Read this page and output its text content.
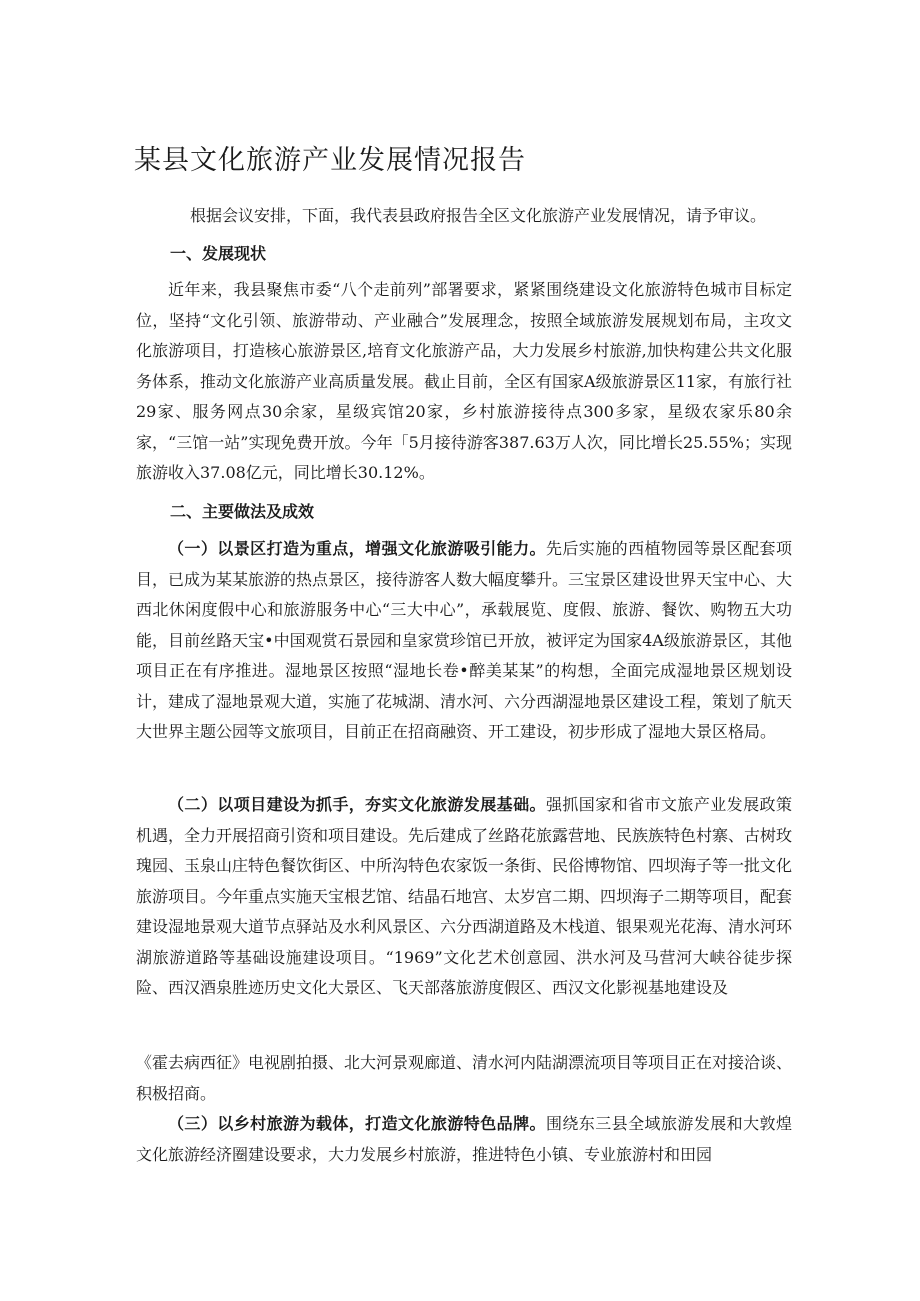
某县文化旅游产业发展情况报告

根据会议安排，下面，我代表县政府报告全区文化旅游产业发展情况，请予审议。

一、发展现状

近年来，我县聚焦市委“八个走前列”部署要求，紧紧围绕建设文化旅游特色城市目标定位，坚持“文化引领、旅游带动、产业融合”发展理念，按照全域旅游发展规划布局，主攻文化旅游项目，打造核心旅游景区,培育文化旅游产品，大力发展乡村旅游,加快构建公共文化服务体系，推动文化旅游产业高质量发展。截止目前，全区有国家A级旅游景区11家，有旅行社29家、服务网点30余家，星级宾馆20家，乡村旅游接待点300多家，星级农家乐80余家，“三馆一站”实现免费开放。今年「5月接待游客387.63万人次，同比增长25.55%；实现旅游收入37.08亿元，同比增长30.12%。

二、主要做法及成效

（一）以景区打造为重点，增强文化旅游吸引能力。先后实施的西植物园等景区配套项目，已成为某某旅游的热点景区，接待游客人数大幅度攀升。三宝景区建设世界天宝中心、大西北休闲度假中心和旅游服务中心“三大中心”，承载展览、度假、旅游、餐饮、购物五大功能，目前丝路天宝•中国观赏石景园和皇家赏珍馆已开放，被评定为国家4A级旅游景区，其他项目正在有序推进。湿地景区按照“湿地长卷•醉美某某”的构想，全面完成湿地景区规划设计，建成了湿地景观大道，实施了花城湖、清水河、六分西湖湿地景区建设工程，策划了航天大世界主题公园等文旅项目，目前正在招商融资、开工建设，初步形成了湿地大景区格局。

（二）以项目建设为抓手，夯实文化旅游发展基础。强抓国家和省市文旅产业发展政策机遇，全力开展招商引资和项目建设。先后建成了丝路花旅露营地、民族族特色村寨、古树玫瑰园、玉泉山庄特色餐饮街区、中所沟特色农家饭一条街、民俗博物馆、四坝海子等一批文化旅游项目。今年重点实施天宝根艺馆、结晶石地宫、太岁宫二期、四坝海子二期等项目，配套建设湿地景观大道节点驿站及水利风景区、六分西湖道路及木栈道、银果观光花海、清水河环湖旅游道路等基础设施建设项目。“1969”文化艺术创意园、洪水河及马营河大峡谷徒步探险、西汉酒泉胜迹历史文化大景区、飞天部落旅游度假区、西汉文化影视基地建设及

《霍去病西征》电视剧拍摄、北大河景观廊道、清水河内陆湖漂流项目等项目正在对接洽谈、积极招商。

（三）以乡村旅游为载体，打造文化旅游特色品牌。围绕东三县全域旅游发展和大敦煌文化旅游经济圈建设要求，大力发展乡村旅游，推进特色小镇、专业旅游村和田园
